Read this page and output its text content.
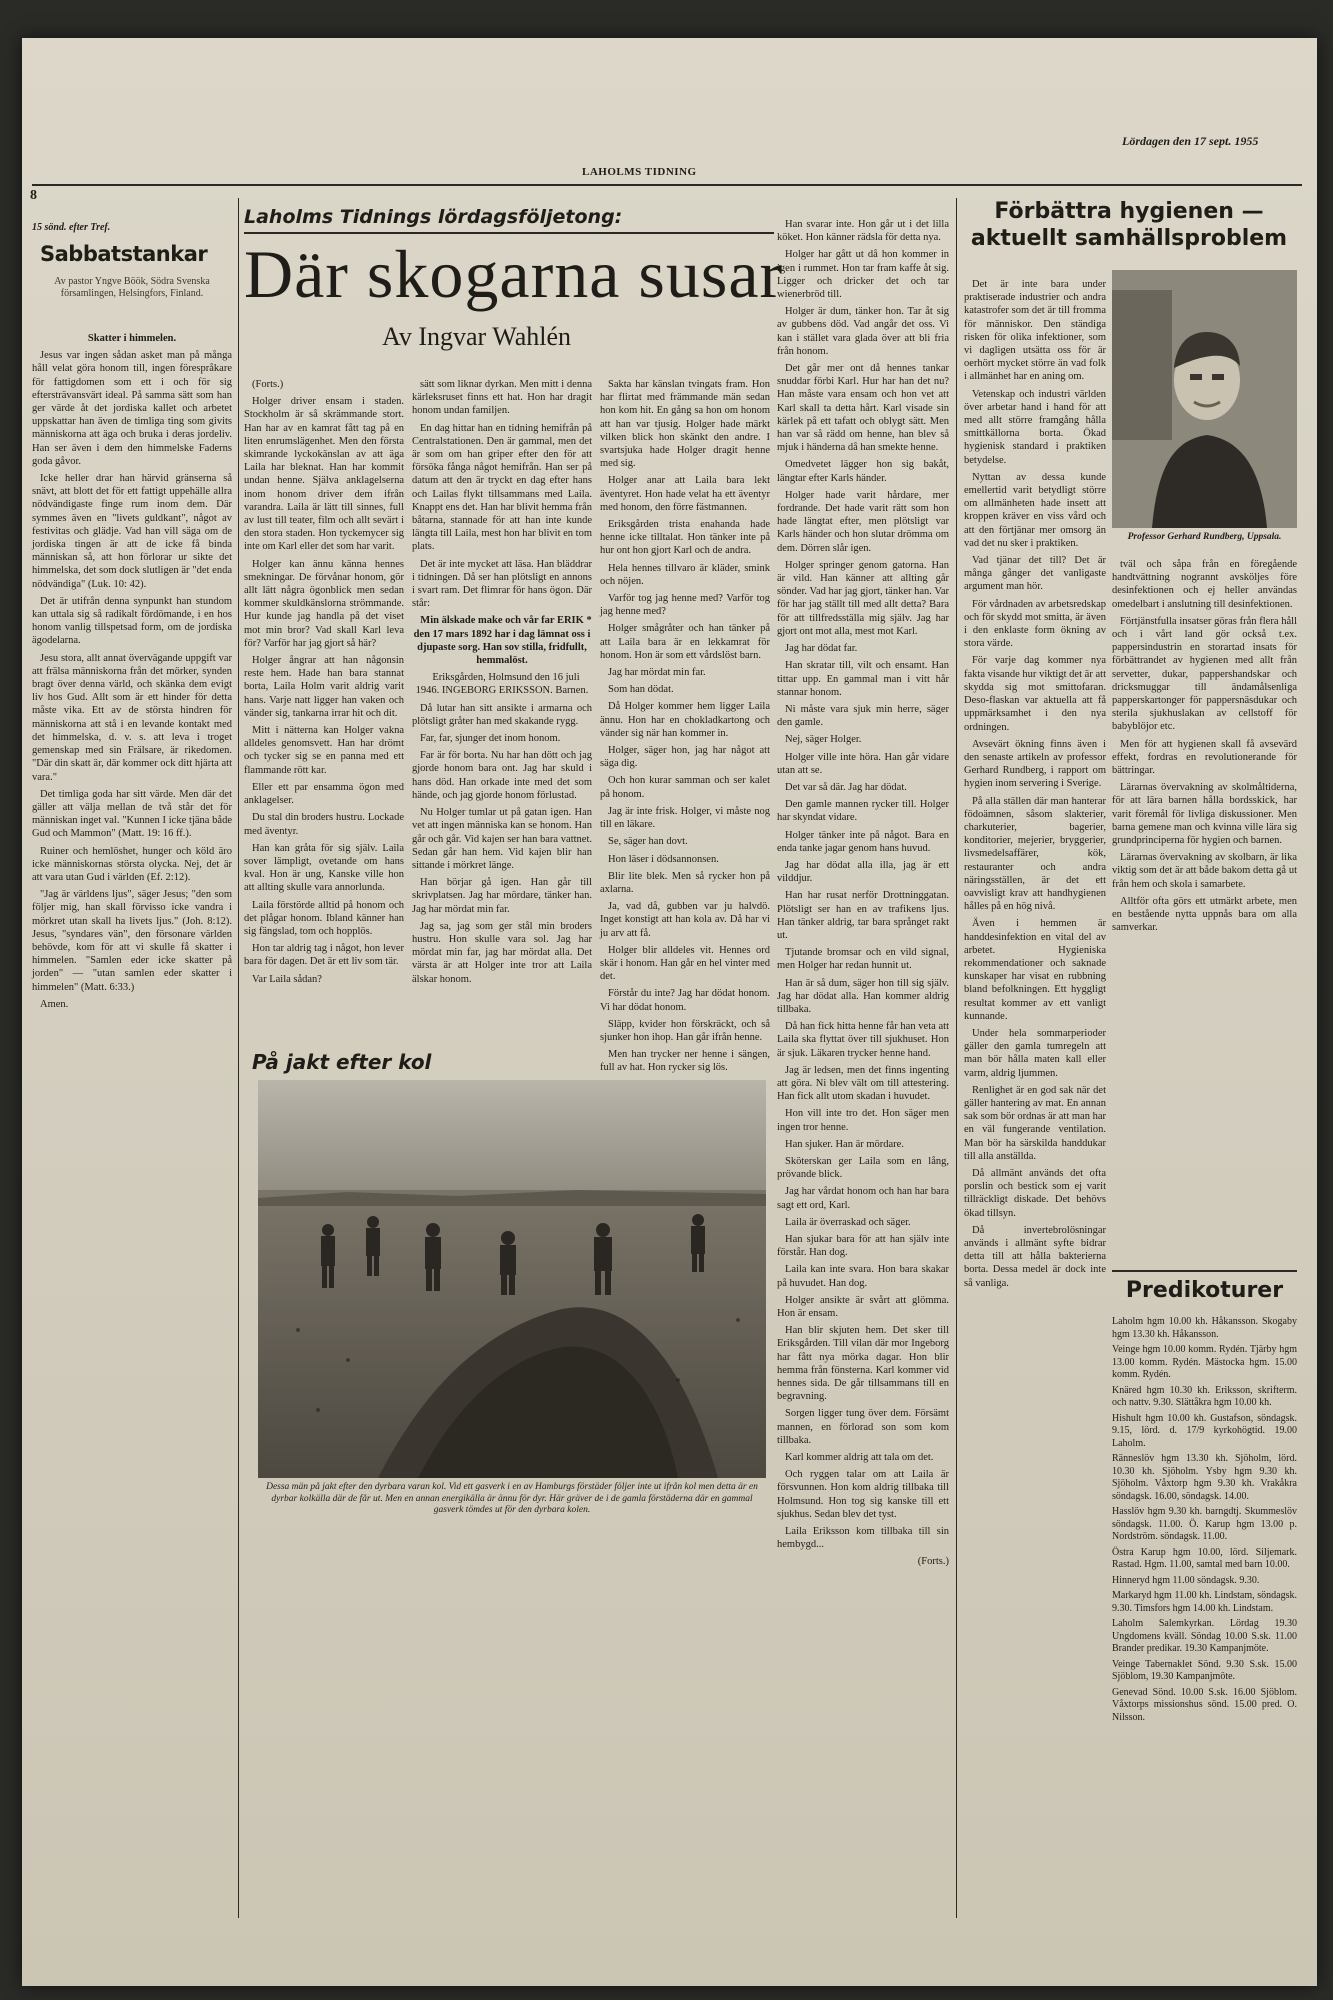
8
LAHOLMS TIDNING
Lördagen den 17 sept. 1955
15 sönd. efter Tref.
Sabbatstankar
Av pastor Yngve Böök, Södra Svenska församlingen, Helsingfors, Finland.
Skatter i himmelen.

Jesus var ingen sådan asket man på många håll velat göra honom till, ingen förespråkare för fattigdomen som ett i och för sig eftersträvansvärt ideal. På samma sätt som han ger värde åt det jordiska kallet och arbetet uppskattar han även de timliga ting som givits människorna att äga och bruka i deras jordeliv. Han ser även i dem den himmelske Faderns goda gåvor.

Icke heller drar han härvid gränserna så snävt, att blott det för ett fattigt uppehälle allra nödvändigaste finge rum inom dem. Där symmes även en "livets guldkant", något av festivitas och glädje. Vad han vill säga om de jordiska tingen är att de icke få binda människan så, att hon förlorar ur sikte det himmelska, det som dock slutligen är "det enda nödvändiga" (Luk. 10: 42).

Det är utifrån denna synpunkt han stundom kan uttala sig så radikalt fördömande, i en hos honom vanlig tillspetsad form, om de jordiska ägodelarna.

Jesu stora, allt annat övervägande uppgift var att frälsa människorna från det mörker, synden bragt över denna värld, och skänka dem evigt liv hos Gud. Allt som är ett hinder för detta måste vika. Ett av de största hindren för människorna att stå i en levande kontakt med det himmelska, d. v. s. att leva i troget gemenskap med sin Frälsare, är rikedomen. "Där din skatt är, där kommer ock ditt hjärta att vara."

Det timliga goda har sitt värde. Men där det gäller att välja mellan de två står det för människan inget val. "Kunnen I icke tjäna både Gud och Mammon" (Matt. 19: 16 ff.).

Ruiner och hemlöshet, hunger och köld äro icke människornas största olycka. Nej, det är att vara utan Gud i världen (Ef. 2:12).

"Jag är världens ljus", säger Jesus; "den som följer mig, han skall förvisso icke vandra i mörkret utan skall ha livets ljus." (Joh. 8:12). Jesus, "syndares vän", den försonare världen behövde, kom för att vi skulle få skatter i himmelen. "Samlen eder icke skatter på jorden" — "utan samlen eder skatter i himmelen" (Matt. 6:33.)

Amen.

Laholms Tidnings lördagsföljetong:
Där skogarna susar
Av Ingvar Wahlén

(Forts.)

Holger driver ensam i staden. Stockholm är så skrämmande stort. Han har av en kamrat fått tag på en liten enrumslägenhet. Men den första skimrande lyckokänslan av att äga Laila har bleknat. Han har kommit undan henne. Själva anklagelserna inom honom driver dem ifrån varandra. Laila är lätt till sinnes, full av lust till teater, film och allt sevärt i den stora staden. Hon tyckemycer sig inte om Karl eller det som har varit.

Holger kan ännu känna hennes smekningar. De förvånar honom, gör allt lätt några ögonblick men sedan kommer skuldkänslorna strömmande. Hur kunde jag handla på det viset mot min bror? Vad skall Karl leva för? Varför har jag gjort så här?

Holger ångrar att han någonsin reste hem. Hade han bara stannat borta, Laila Holm varit aldrig varit hans. Varje natt ligger han vaken och vänder sig, tankarna irrar hit och dit.

Mitt i nätterna kan Holger vakna alldeles genomsvett. Han har drömt och tycker sig se en panna med ett flammande rött kar.

Eller ett par ensamma ögon med anklagelser.

Du stal din broders hustru. Lockade med äventyr.

Han kan gråta för sig själv. Laila sover lämpligt, ovetande om hans kval. Hon är ung, Kanske ville hon att allting skulle vara annorlunda.

Laila förstörde alltid på honom och det plågar honom. Ibland känner han sig fängslad, tom och hopplös.

Hon tar aldrig tag i något, hon lever bara för dagen. Det är ett liv som tär.

Var Laila sådan?

sätt som liknar dyrkan. Men mitt i denna kärleksruset finns ett hat. Hon har dragit honom undan familjen.

En dag hittar han en tidning hemifrån på Centralstationen. Den är gammal, men det är som om han griper efter den för att försöka fånga något hemifrån. Han ser på datum att den är tryckt en dag efter hans och Lailas flykt tillsammans med Laila. Knappt ens det. Han har blivit hemma från båtarna, stannade för att han inte kunde längta till Laila, mest hon har blivit en tom plats.

Det är inte mycket att läsa. Han bläddrar i tidningen. Då ser han plötsligt en annons i svart ram. Det flimrar för hans ögon. Där står:

Min älskade make och vår far ERIK * den 17 mars 1892 har i dag lämnat oss i djupaste sorg. Han sov stilla, fridfullt, hemmalöst.

Eriksgården, Holmsund den 16 juli 1946. INGEBORG ERIKSSON. Barnen.

Då lutar han sitt ansikte i armarna och plötsligt gråter han med skakande rygg.

Far, far, sjunger det inom honom.

Far är för borta. Nu har han dött och jag gjorde honom bara ont. Jag har skuld i hans död. Han orkade inte med det som hände, och jag gjorde honom förlustad.

Nu Holger tumlar ut på gatan igen. Han vet att ingen människa kan se honom. Han går och går. Vid kajen ser han bara vattnet. Sedan går han hem. Vid kajen blir han sittande i mörkret länge.

Han börjar gå igen. Han går till skrivplatsen. Jag har mördare, tänker han. Jag har mördat min far.

Jag sa, jag som ger stål min broders hustru. Hon skulle vara sol. Jag har mördat min far, jag har mördat alla. Det värsta är att Holger inte tror att Laila älskar honom.

Sakta har känslan tvingats fram. Hon har flirtat med främmande män sedan hon kom hit. En gång sa hon om honom att han var tjusig. Holger hade märkt vilken blick hon skänkt den andre. I svartsjuka hade Holger dragit henne med sig.

Holger anar att Laila bara lekt äventyret. Hon hade velat ha ett äventyr med honom, den förre fästmannen.

Eriksgården trista enahanda hade henne icke tilltalat. Hon tänker inte på hur ont hon gjort Karl och de andra.

Hela hennes tillvaro är kläder, smink och nöjen.

Varför tog jag henne med? Varför tog jag henne med?

Holger smågråter och han tänker på att Laila bara är en lekkamrat för honom. Hon är som ett vårdslöst barn.

Jag har mördat min far.

Som han dödat.

Då Holger kommer hem ligger Laila ännu. Hon har en chokladkartong och vänder sig när han kommer in.

Holger, säger hon, jag har något att säga dig.

Och hon kurar samman och ser kalet på honom.

Jag är inte frisk. Holger, vi måste nog till en läkare.

Se, säger han dovt.

Hon läser i dödsannonsen.

Blir lite blek. Men så rycker hon på axlarna.

Ja, vad då, gubben var ju halvdö. Inget konstigt att han kola av. Då har vi ju arv att få.

Holger blir alldeles vit. Hennes ord skär i honom. Han går en hel vinter med det.

Förstår du inte? Jag har dödat honom. Vi har dödat honom.

Släpp, kvider hon förskräckt, och så sjunker hon ihop. Han går ifrån henne.

Men han trycker ner henne i sängen, full av hat. Hon rycker sig lös.

Han svarar inte. Hon går ut i det lilla köket. Hon känner rädsla för detta nya.

Holger har gått ut då hon kommer in igen i rummet. Hon tar fram kaffe åt sig. Ligger och dricker det och tar wienerbröd till.

Holger är dum, tänker hon. Tar åt sig av gubbens död. Vad angår det oss. Vi kan i stället vara glada över att bli fria från honom.

Det går mer ont då hennes tankar snuddar förbi Karl. Hur har han det nu? Han måste vara ensam och hon vet att Karl skall ta detta hårt. Karl visade sin kärlek på ett tafatt och oblygt sätt. Men han var så rädd om henne, han blev så mjuk i händerna då han smekte henne.

Omedvetet lägger hon sig bakåt, längtar efter Karls händer.

Holger hade varit hårdare, mer fordrande. Det hade varit rätt som hon hade längtat efter, men plötsligt var Karls händer och hon slutar drömma om dem. Dörren slår igen.

Holger springer genom gatorna. Han är vild. Han känner att allting går sönder. Vad har jag gjort, tänker han. Var för har jag ställt till med allt detta? Bara för att tillfredsställa mig själv. Jag har gjort ont mot alla, mest mot Karl.

Jag har dödat far.

Han skratar till, vilt och ensamt. Han tittar upp. En gammal man i vitt hår stannar honom.

Ni måste vara sjuk min herre, säger den gamle.

Nej, säger Holger.

Holger ville inte höra. Han går vidare utan att se.

Det var så där. Jag har dödat.

Den gamle mannen rycker till. Holger har skyndat vidare.

Holger tänker inte på något. Bara en enda tanke jagar genom hans huvud.

Jag har dödat alla illa, jag är ett vilddjur.

Han har rusat nerför Drottninggatan. Plötsligt ser han en av trafikens ljus. Han tänker aldrig, tar bara språnget rakt ut.

Tjutande bromsar och en vild signal, men Holger har redan hunnit ut.

Han är så dum, säger hon till sig själv. Jag har dödat alla. Han kommer aldrig tillbaka.

Då han fick hitta henne får han veta att Laila ska flyttat över till sjukhuset. Hon är sjuk. Läkaren trycker henne hand.

Jag är ledsen, men det finns ingenting att göra. Ni blev vält om till attestering. Han fick allt utom skadan i huvudet.

Hon vill inte tro det. Hon säger men ingen tror henne.

Han sjuker. Han är mördare.

Sköterskan ger Laila som en lång, prövande blick.

Jag har vårdat honom och han har bara sagt ett ord, Karl.

Laila är överraskad och säger.

Han sjukar bara för att han själv inte förstår. Han dog.

Laila kan inte svara. Hon bara skakar på huvudet. Han dog.

Holger ansikte är svårt att glömma. Hon är ensam.

Han blir skjuten hem. Det sker till Eriksgården. Till vilan där mor Ingeborg har fått nya mörka dagar. Hon blir hemma från fönsterna. Karl kommer vid hennes sida. De går tillsammans till en begravning.

Sorgen ligger tung över dem. Försämt mannen, en förlorad son som kom tillbaka.

Karl kommer aldrig att tala om det.

Och ryggen talar om att Laila är försvunnen. Hon kom aldrig tillbaka till Holmsund. Hon tog sig kanske till ett sjukhus. Sedan blev det tyst.

Laila Eriksson kom tillbaka till sin hembygd...

(Forts.)

På jakt efter kol
Dessa män på jakt efter den dyrbara varan kol. Vid ett gasverk i en av Hamburgs förstäder följer inte ut ifrån kol men detta är en dyrbar kolkälla där de får ut. Men en annan energikälla är ännu för dyr. Här gräver de i de gamla förstäderna där en gammal gasverk tömdes ut för den dyrbara kolen.
Förbättra hygienen — aktuellt samhällsproblem
Professor Gerhard Rundberg, Uppsala.

Det är inte bara under praktiserade industrier och andra katastrofer som det är till fromma för människor. Den ständiga risken för olika infektioner, som vi dagligen utsätta oss för är oerhört mycket större än vad folk i allmänhet har en aning om.

Vetenskap och industri världen över arbetar hand i hand för att med allt större framgång hålla smittkällorna borta. Ökad hygienisk standard i praktiken betydelse.

Nyttan av dessa kunde emellertid varit betydligt större om allmänheten hade insett att kroppen kräver en viss vård och att den förtjänar mer omsorg än vad det nu sker i praktiken.

Vad tjänar det till? Det är många gånger det vanligaste argument man hör.

För vårdnaden av arbetsredskap och för skydd mot smitta, är även i den enklaste form ökning av stora värde.

För varje dag kommer nya fakta visande hur viktigt det är att skydda sig mot smittofaran. Deso-flaskan var aktuella att få uppmärksamhet i den nya ordningen.

Avsevärt ökning finns även i den senaste artikeln av professor Gerhard Rundberg, i rapport om hygien inom servering i Sverige.

På alla ställen där man hanterar födoämnen, såsom slakterier, charkuterier, bagerier, konditorier, mejerier, bryggerier, livsmedelsaffärer, kök, restauranter och andra näringsställen, är det ett oavvisligt krav att handhygienen hålles på en hög nivå.

Även i hemmen är handdesinfektion en vital del av arbetet. Hygieniska rekommendationer och saknade kunskaper har visat en rubbning bland befolkningen. Ett hyggligt resultat kommer av ett vanligt kunnande.

Under hela sommarperioder gäller den gamla tumregeln att man bör hålla maten kall eller varm, aldrig ljummen.

Renlighet är en god sak när det gäller hantering av mat. En annan sak som bör ordnas är att man har en väl fungerande ventilation. Man bör ha särskilda handdukar till alla anställda.

Då allmänt används det ofta porslin och bestick som ej varit tillräckligt diskade. Det behövs ökad tillsyn.

Då invertebrolösningar används i allmänt syfte bidrar detta till att hålla bakterierna borta. Dessa medel är dock inte så vanliga.

tväl och såpa från en föregående handtvättning nogrannt avsköljes före desinfektionen och ej heller användas omedelbart i anslutning till desinfektionen.

Förtjänstfulla insatser göras från flera håll och i vårt land gör också t.ex. pappersindustrin en storartad insats för förbättrandet av hygienen med allt från servetter, dukar, pappershandskar och dricksmuggar till ändamålsenliga papperskartonger för pappersnäsdukar och sterila sjukhuslakan av cellstoff för babyblöjor etc.

Men för att hygienen skall få avsevärd effekt, fordras en revolutionerande för bättringar.

Lärarnas övervakning av skolmåltiderna, för att lära barnen hålla bordsskick, har varit föremål för livliga diskussioner. Men barna gemene man och kvinna ville lära sig grundprinciperna för hygien och barnen.

Lärarnas övervakning av skolbarn, är lika viktig som det är att både bakom detta gå ut från hem och skola i samarbete.

Alltför ofta görs ett utmärkt arbete, men en bestående nytta uppnås bara om alla samverkar.

Predikoturer
Laholm hgm 10.00 kh. Håkansson. Skogaby hgm 13.30 kh. Håkansson.
Veinge hgm 10.00 komm. Rydén. Tjärby hgm 13.00 komm. Rydén. Mästocka hgm. 15.00 komm. Rydén.
Knäred hgm 10.30 kh. Eriksson, skrifterm. och nattv. 9.30. Slättåkra hgm 10.00 kh.
Hishult hgm 10.00 kh. Gustafson, söndagsk. 9.15, lörd. d. 17/9 kyrkohögtid. 19.00 Laholm.
Ränneslöv hgm 13.30 kh. Sjöholm, lörd. 10.30 kh. Sjöholm. Ysby hgm 9.30 kh. Sjöholm. Våxtorp hgm 9.30 kh. Vrakåkra söndagsk. 16.00, söndagsk. 14.00.
Hasslöv hgm 9.30 kh. barngdtj. Skummeslöv söndagsk. 11.00. Ö. Karup hgm 13.00 p. Nordström. söndagsk. 11.00.
Östra Karup hgm 10.00, lörd. Siljemark. Rastad. Hgm. 11.00, samtal med barn 10.00.
Hinneryd hgm 11.00 söndagsk. 9.30.
Markaryd hgm 11.00 kh. Lindstam, söndagsk. 9.30. Timsfors hgm 14.00 kh. Lindstam.
Laholm Salemkyrkan. Lördag 19.30 Ungdomens kväll. Söndag 10.00 S.sk. 11.00 Brander predikar. 19.30 Kampanjmöte.
Veinge Tabernaklet Sönd. 9.30 S.sk. 15.00 Sjöblom, 19.30 Kampanjmöte.
Genevad Sönd. 10.00 S.sk. 16.00 Sjöblom. Våxtorps missionshus sönd. 15.00 pred. O. Nilsson.
